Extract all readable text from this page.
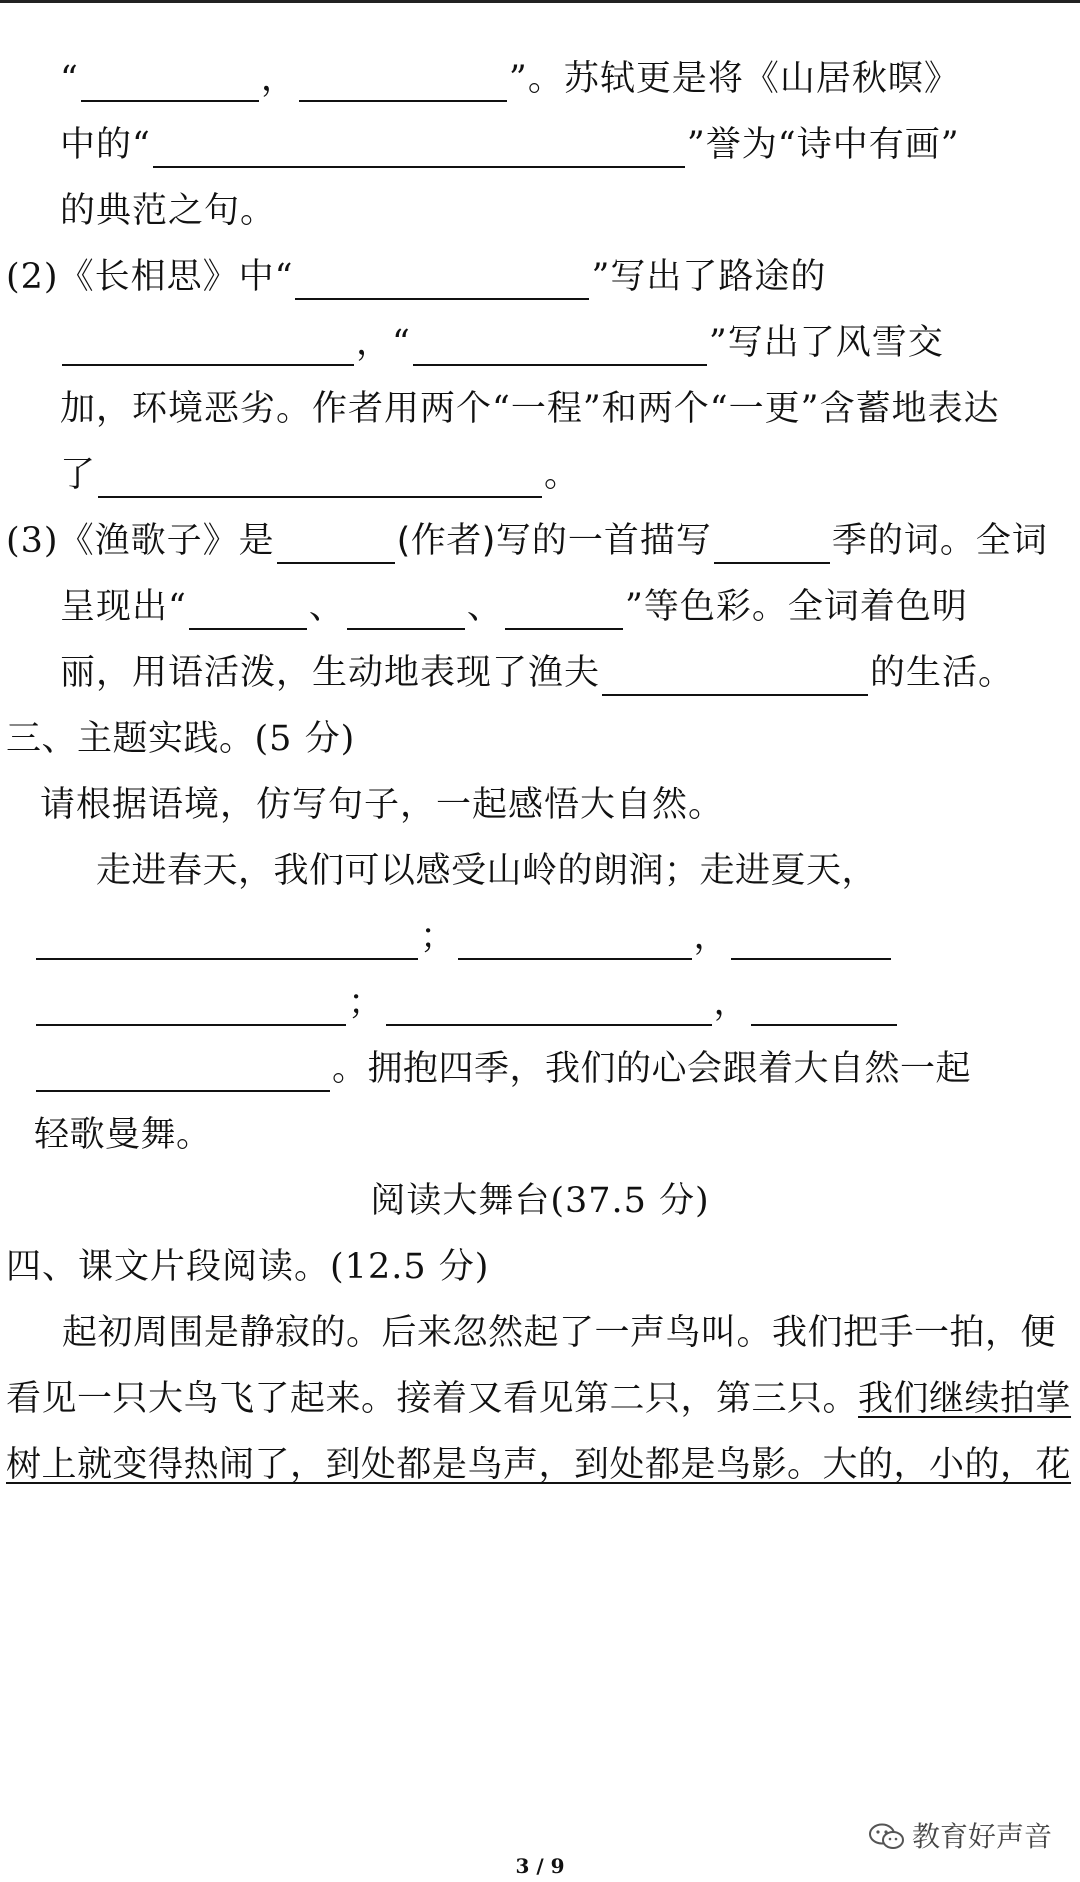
“	，	”。苏轼更是将《山居秋暝》
中的“	”誉为“诗中有画”
的典范之句。
(2)《长相思》中“	”写出了路途的
，“	”写出了风雪交
加，环境恶劣。作者用两个“一程”和两个“一更”含蓄地表达
了	。
(3)《渔歌子》是	(作者)写的一首描写	季的词。全词
呈现出“	、	、	”等色彩。全词着色明
丽，用语活泼，生动地表现了渔夫	的生活。
三、主题实践。(5 分)
请根据语境，仿写句子，一起感悟大自然。
走进春天，我们可以感受山岭的朗润；走进夏天，
；	，
；	，
。拥抱四季，我们的心会跟着大自然一起
轻歌曼舞。
阅读大舞台(37.5 分)
四、课文片段阅读。(12.5 分)
起初周围是静寂的。后来忽然起了一声鸟叫。我们把手一拍，便
看见一只大鸟飞了起来。接着又看见第二只，第三只。我们继续拍掌
树上就变得热闹了，到处都是鸟声，到处都是鸟影。大的，小的，花
教育好声音
3 / 9
